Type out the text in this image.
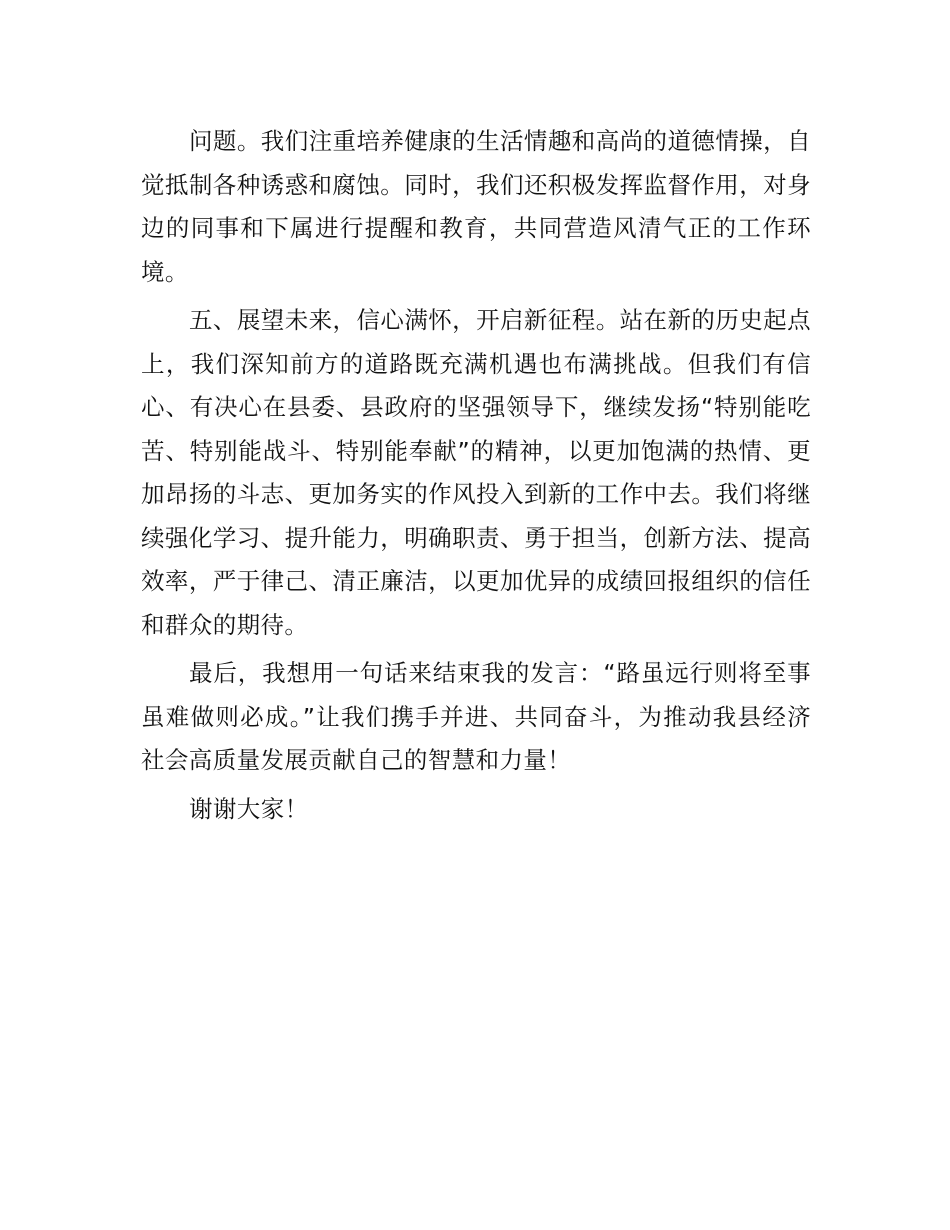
问题。我们注重培养健康的生活情趣和高尚的道德情操，自觉抵制各种诱惑和腐蚀。同时，我们还积极发挥监督作用，对身边的同事和下属进行提醒和教育，共同营造风清气正的工作环境。

五、展望未来，信心满怀，开启新征程。站在新的历史起点上，我们深知前方的道路既充满机遇也布满挑战。但我们有信心、有决心在县委、县政府的坚强领导下，继续发扬“特别能吃苦、特别能战斗、特别能奉献”的精神，以更加饱满的热情、更加昂扬的斗志、更加务实的作风投入到新的工作中去。我们将继续强化学习、提升能力，明确职责、勇于担当，创新方法、提高效率，严于律己、清正廉洁，以更加优异的成绩回报组织的信任和群众的期待。

最后，我想用一句话来结束我的发言：“路虽远行则将至事虽难做则必成。”让我们携手并进、共同奋斗，为推动我县经济社会高质量发展贡献自己的智慧和力量！

谢谢大家！
